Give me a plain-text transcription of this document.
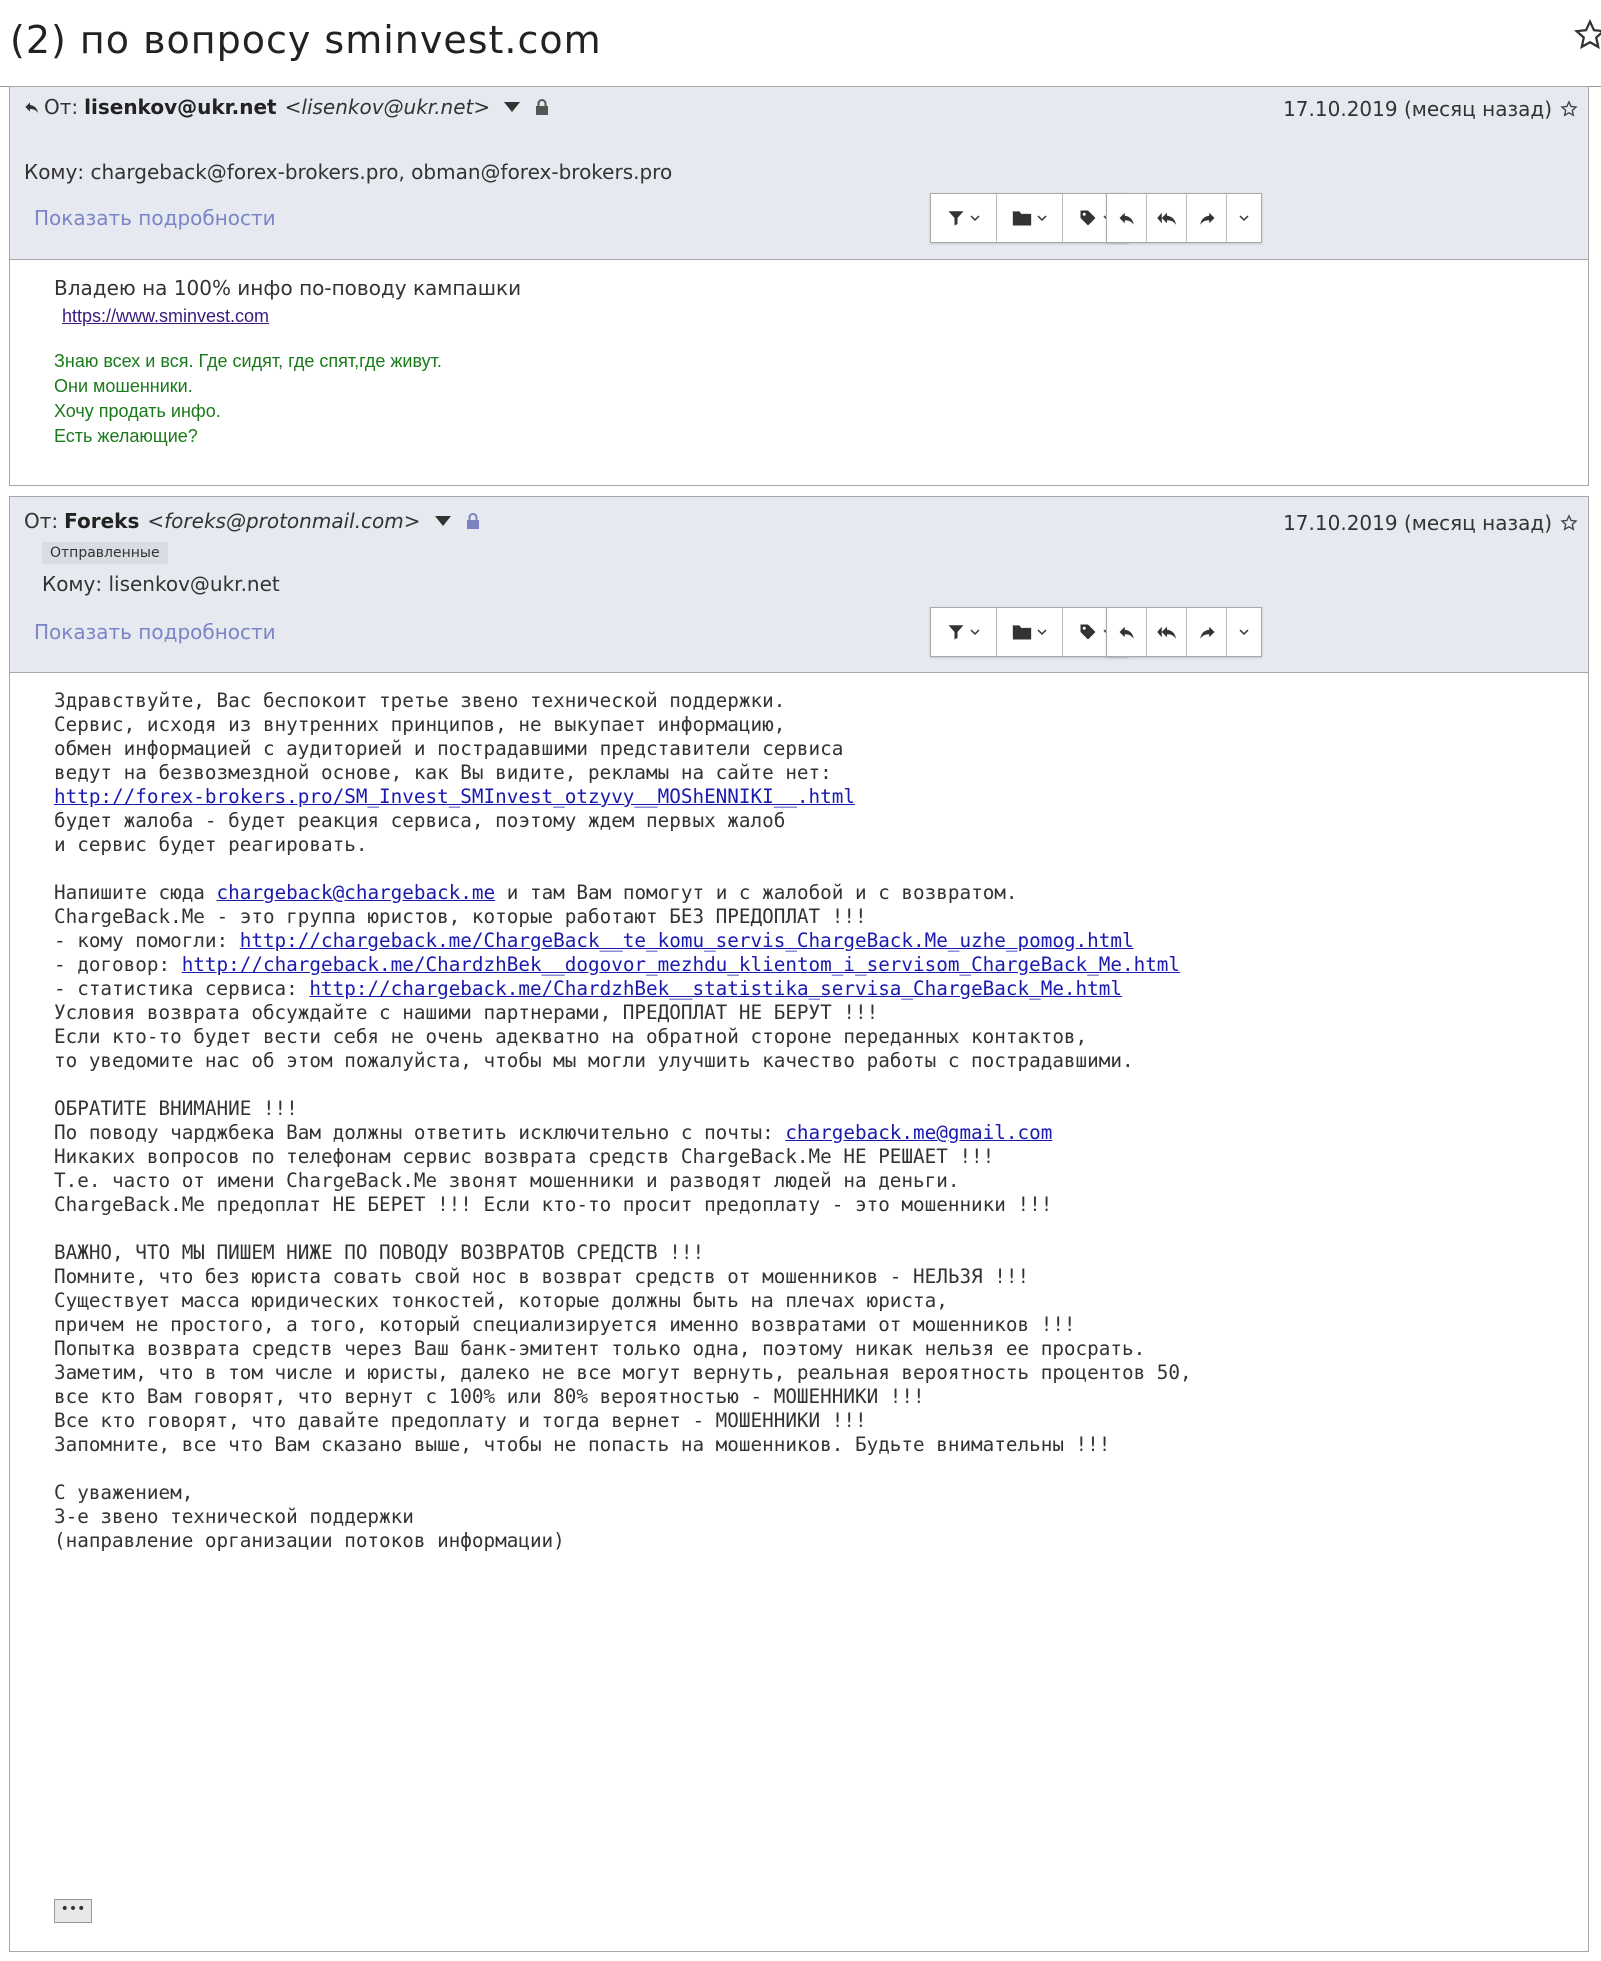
(2) по вопросу sminvest.com
От: lisenkov@ukr.net <lisenkov@ukr.net>	17.10.2019 (месяц назад)
Кому: chargeback@forex-brokers.pro, obman@forex-brokers.pro
Показать подробности
Владею на 100% инфо по-поводу кампашки
https://www.sminvest.com
Знаю всех и вся. Где сидят, где спят,где живут.
Они мошенники.
Хочу продать инфо.
Есть желающие?
От: Foreks <foreks@protonmail.com>	17.10.2019 (месяц назад)
Отправленные
Кому: lisenkov@ukr.net
Показать подробности
Здравствуйте, Вас беспокоит третье звено технической поддержки.
Сервис, исходя из внутренних принципов, не выкупает информацию,
обмен информацией с аудиторией и пострадавшими представители сервиса
ведут на безвозмездной основе, как Вы видите, рекламы на сайте нет:
http://forex-brokers.pro/SM_Invest_SMInvest_otzyvy__MOShENNIKI__.html
будет жалоба - будет реакция сервиса, поэтому ждем первых жалоб
и сервис будет реагировать.
Напишите сюда chargeback@chargeback.me и там Вам помогут и с жалобой и с возвратом.
ChargeBack.Me - это группа юристов, которые работают БЕЗ ПРЕДОПЛАТ !!!
- кому помогли: http://chargeback.me/ChargeBack__te_komu_servis_ChargeBack.Me_uzhe_pomog.html
- договор: http://chargeback.me/ChardzhBek__dogovor_mezhdu_klientom_i_servisom_ChargeBack_Me.html
- статистика сервиса: http://chargeback.me/ChardzhBek__statistika_servisa_ChargeBack_Me.html
Условия возврата обсуждайте с нашими партнерами, ПРЕДОПЛАТ НЕ БЕРУТ !!!
Если кто-то будет вести себя не очень адекватно на обратной стороне переданных контактов,
то уведомите нас об этом пожалуйста, чтобы мы могли улучшить качество работы с пострадавшими.
ОБРАТИТЕ ВНИМАНИЕ !!!
По поводу чарджбека Вам должны ответить исключительно с почты: chargeback.me@gmail.com
Никаких вопросов по телефонам сервис возврата средств ChargeBack.Me НЕ РЕШАЕТ !!!
Т.е. часто от имени ChargeBack.Me звонят мошенники и разводят людей на деньги.
ChargeBack.Me предоплат НЕ БЕРЕТ !!! Если кто-то просит предоплату - это мошенники !!!
ВАЖНО, ЧТО МЫ ПИШЕМ НИЖЕ ПО ПОВОДУ ВОЗВРАТОВ СРЕДСТВ !!!
Помните, что без юриста совать свой нос в возврат средств от мошенников - НЕЛЬЗЯ !!!
Существует масса юридических тонкостей, которые должны быть на плечах юриста,
причем не простого, а того, который специализируется именно возвратами от мошенников !!!
Попытка возврата средств через Ваш банк-эмитент только одна, поэтому никак нельзя ее просрать.
Заметим, что в том числе и юристы, далеко не все могут вернуть, реальная вероятность процентов 50,
все кто Вам говорят, что вернут с 100% или 80% вероятностью - МОШЕННИКИ !!!
Все кто говорят, что давайте предоплату и тогда вернет - МОШЕННИКИ !!!
Запомните, все что Вам сказано выше, чтобы не попасть на мошенников. Будьте внимательны !!!
С уважением,
3-е звено технической поддержки
(направление организации потоков информации)
•••
